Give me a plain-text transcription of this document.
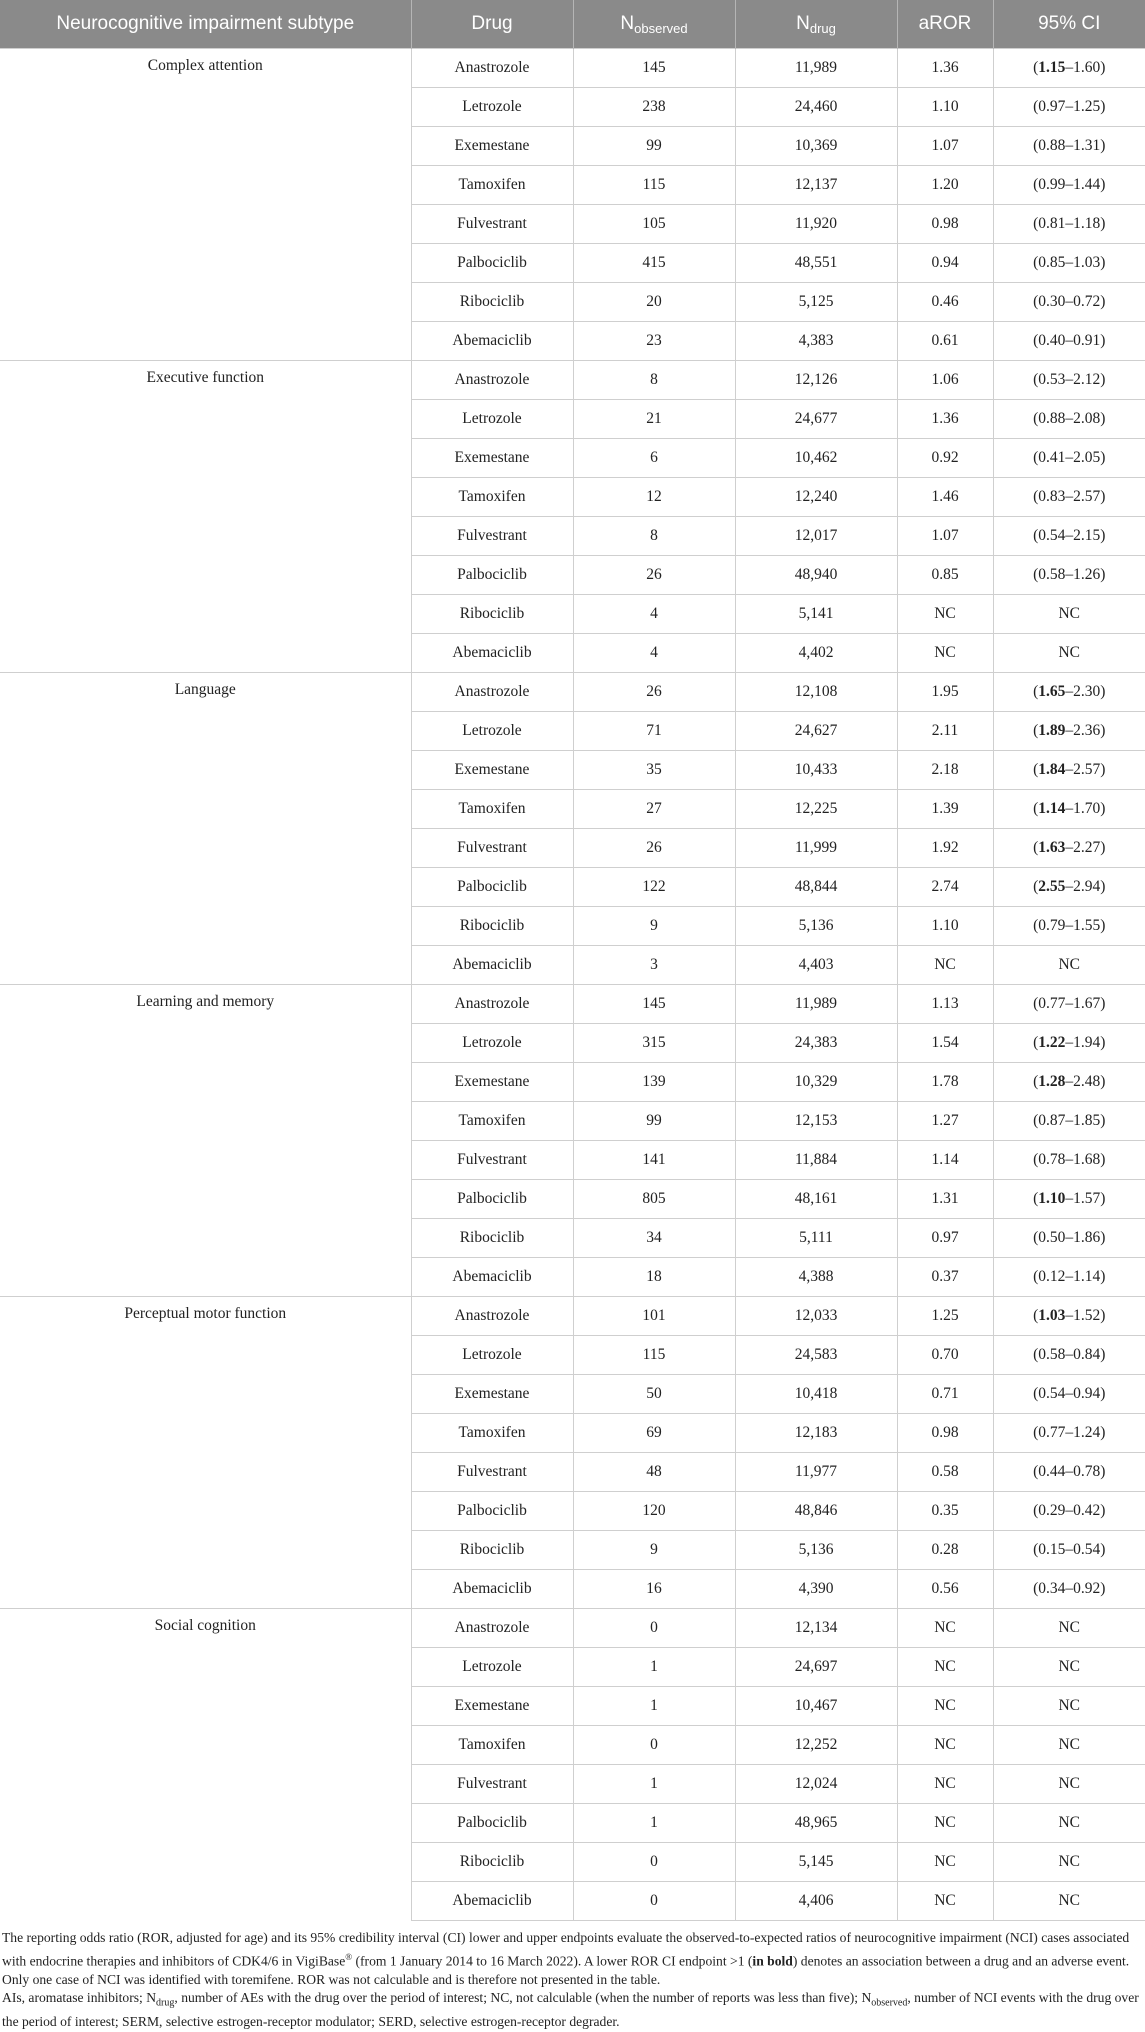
Neurocognitive impairment subtype	Drug	$N_{observed}$	$N_{drug}$	aROR	95% CI
Complex attention	Anastrozole	145	11,989	1.36	(1.15–1.60)
	Letrozole	238	24,460	1.10	(0.97–1.25)
	Exemestane	99	10,369	1.07	(0.88–1.31)
	Tamoxifen	115	12,137	1.20	(0.99–1.44)
	Fulvestrant	105	11,920	0.98	(0.81–1.18)
	Palbociclib	415	48,551	0.94	(0.85–1.03)
	Ribociclib	20	5,125	0.46	(0.30–0.72)
	Abemaciclib	23	4,383	0.61	(0.40–0.91)
Executive function	Anastrozole	8	12,126	1.06	(0.53–2.12)
	Letrozole	21	24,677	1.36	(0.88–2.08)
	Exemestane	6	10,462	0.92	(0.41–2.05)
	Tamoxifen	12	12,240	1.46	(0.83–2.57)
	Fulvestrant	8	12,017	1.07	(0.54–2.15)
	Palbociclib	26	48,940	0.85	(0.58–1.26)
	Ribociclib	4	5,141	NC	NC
	Abemaciclib	4	4,402	NC	NC
Language	Anastrozole	26	12,108	1.95	(1.65–2.30)
	Letrozole	71	24,627	2.11	(1.89–2.36)
	Exemestane	35	10,433	2.18	(1.84–2.57)
	Tamoxifen	27	12,225	1.39	(1.14–1.70)
	Fulvestrant	26	11,999	1.92	(1.63–2.27)
	Palbociclib	122	48,844	2.74	(2.55–2.94)
	Ribociclib	9	5,136	1.10	(0.79–1.55)
	Abemaciclib	3	4,403	NC	NC
Learning and memory	Anastrozole	145	11,989	1.13	(0.77–1.67)
	Letrozole	315	24,383	1.54	(1.22–1.94)
	Exemestane	139	10,329	1.78	(1.28–2.48)
	Tamoxifen	99	12,153	1.27	(0.87–1.85)
	Fulvestrant	141	11,884	1.14	(0.78–1.68)
	Palbociclib	805	48,161	1.31	(1.10–1.57)
	Ribociclib	34	5,111	0.97	(0.50–1.86)
	Abemaciclib	18	4,388	0.37	(0.12–1.14)
Perceptual motor function	Anastrozole	101	12,033	1.25	(1.03–1.52)
	Letrozole	115	24,583	0.70	(0.58–0.84)
	Exemestane	50	10,418	0.71	(0.54–0.94)
	Tamoxifen	69	12,183	0.98	(0.77–1.24)
	Fulvestrant	48	11,977	0.58	(0.44–0.78)
	Palbociclib	120	48,846	0.35	(0.29–0.42)
	Ribociclib	9	5,136	0.28	(0.15–0.54)
	Abemaciclib	16	4,390	0.56	(0.34–0.92)
Social cognition	Anastrozole	0	12,134	NC	NC
	Letrozole	1	24,697	NC	NC
	Exemestane	1	10,467	NC	NC
	Tamoxifen	0	12,252	NC	NC
	Fulvestrant	1	12,024	NC	NC
	Palbociclib	1	48,965	NC	NC
	Ribociclib	0	5,145	NC	NC
	Abemaciclib	0	4,406	NC	NC

The reporting odds ratio (ROR, adjusted for age) and its 95% credibility interval (CI) lower and upper endpoints evaluate the observed-to-expected ratios of neurocognitive impairment (NCI) cases associated with endocrine therapies and inhibitors of CDK4/6 in VigiBase® (from 1 January 2014 to 16 March 2022). A lower ROR CI endpoint >1 (in bold) denotes an association between a drug and an adverse event. Only one case of NCI was identified with toremifene. ROR was not calculable and is therefore not presented in the table.

AIs, aromatase inhibitors; $N_{drug}$, number of AEs with the drug over the period of interest; NC, not calculable (when the number of reports was less than five); $N_{observed}$, number of NCI events with the drug over the period of interest; SERM, selective estrogen-receptor modulator; SERD, selective estrogen-receptor degrader.
